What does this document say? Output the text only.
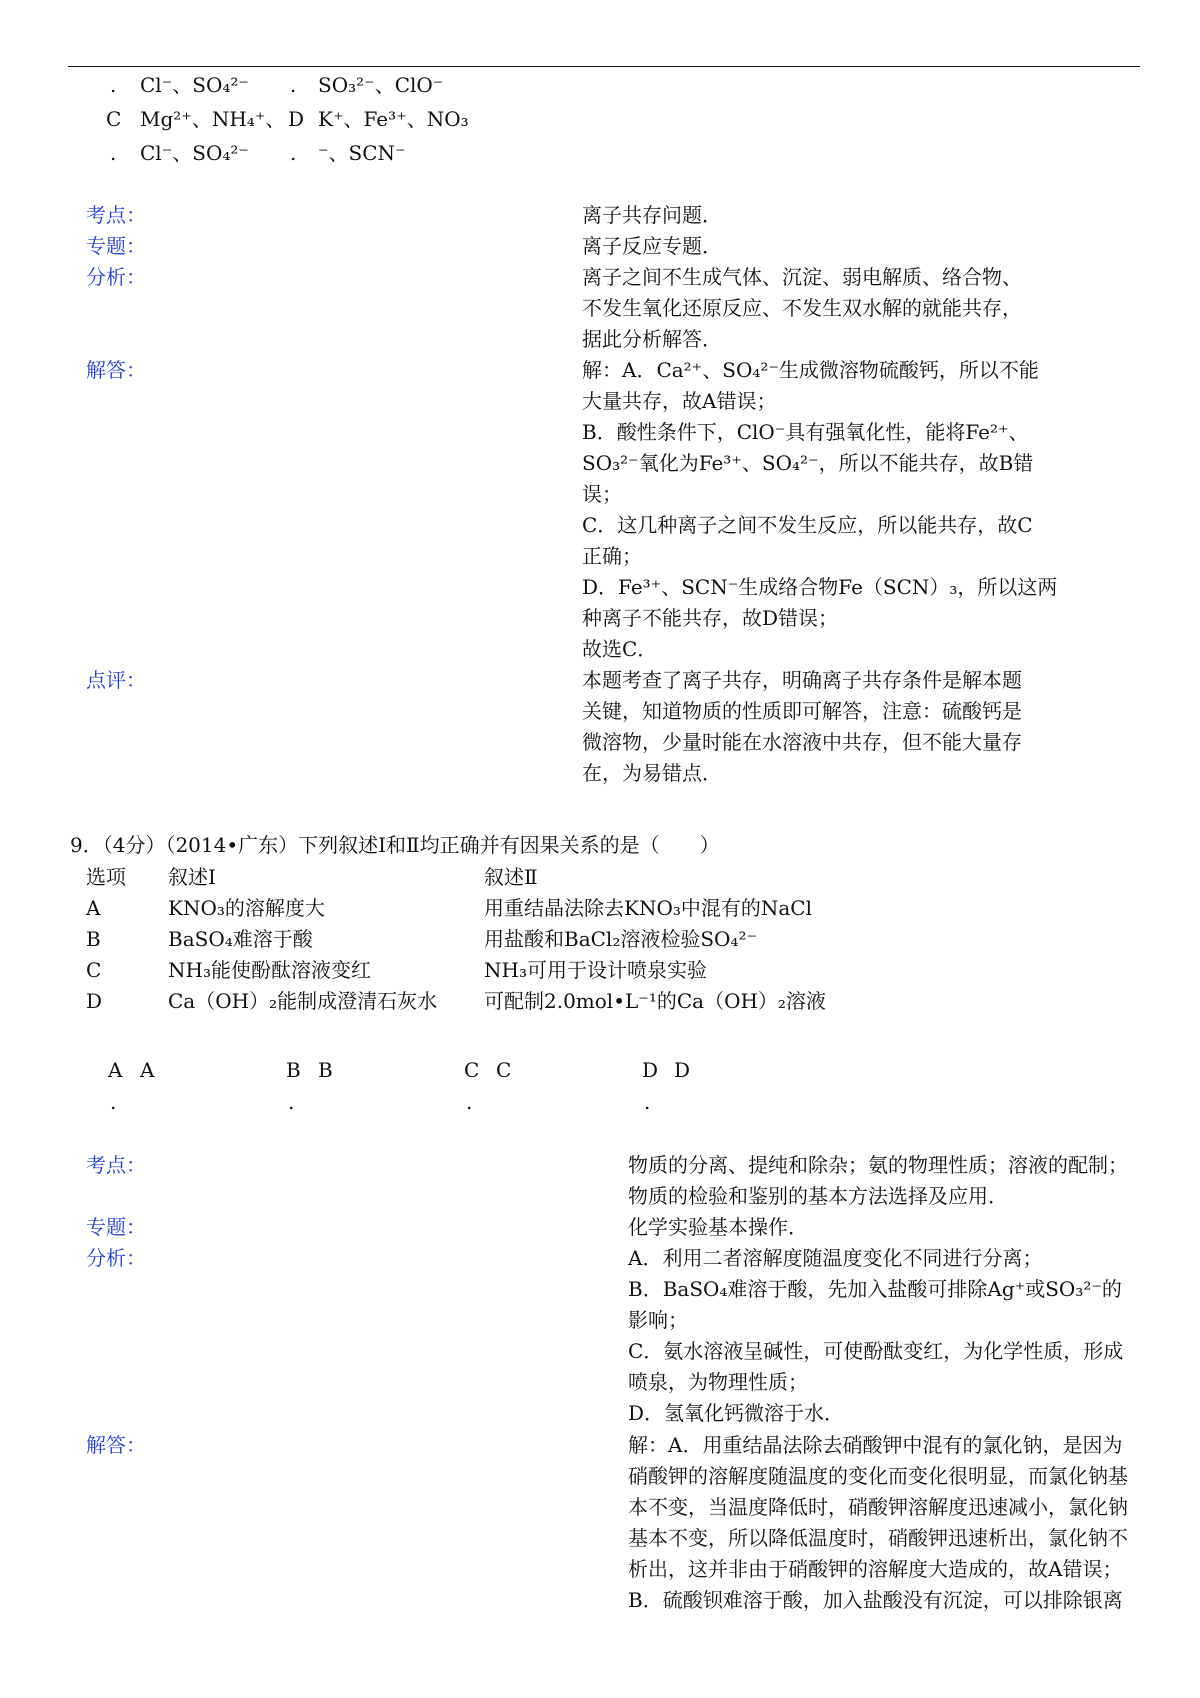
. Cl⁻、SO₄²⁻ . SO₃²⁻、ClO⁻
C Mg²⁺、NH₄⁺、 D K⁺、Fe³⁺、NO₃
. Cl⁻、SO₄²⁻ . ⁻、SCN⁻
考点：	离子共存问题．
专题：	离子反应专题．
分析：	离子之间不生成气体、沉淀、弱电解质、络合物、
不发生氧化还原反应、不发生双水解的就能共存，
据此分析解答．
解答：	解：A．Ca²⁺、SO₄²⁻生成微溶物硫酸钙，所以不能
大量共存，故A错误；
B．酸性条件下，ClO⁻具有强氧化性，能将Fe²⁺、
SO₃²⁻氧化为Fe³⁺、SO₄²⁻，所以不能共存，故B错
误；
C．这几种离子之间不发生反应，所以能共存，故C
正确；
D．Fe³⁺、SCN⁻生成络合物Fe（SCN）₃，所以这两
种离子不能共存，故D错误；
故选C．
点评：	本题考查了离子共存，明确离子共存条件是解本题
关键，知道物质的性质即可解答，注意：硫酸钙是
微溶物，少量时能在水溶液中共存，但不能大量存
在，为易错点．
9．（4分）（2014•广东）下列叙述Ⅰ和Ⅱ均正确并有因果关系的是（　　）
选项 叙述Ⅰ	叙述Ⅱ
A	KNO₃的溶解度大	用重结晶法除去KNO₃中混有的NaCl
B	BaSO₄难溶于酸	用盐酸和BaCl₂溶液检验SO₄²⁻
C	NH₃能使酚酞溶液变红	NH₃可用于设计喷泉实验
D	Ca（OH）₂能制成澄清石灰水 可配制2.0mol•L⁻¹的Ca（OH）₂溶液
A A
.
B B
.
C C
.
D D
.
考点：	物质的分离、提纯和除杂；氨的物理性质；溶液的配制；
物质的检验和鉴别的基本方法选择及应用．
专题：	化学实验基本操作．
分析：	A．利用二者溶解度随温度变化不同进行分离；
B．BaSO₄难溶于酸，先加入盐酸可排除Ag⁺或SO₃²⁻的
影响；
C．氨水溶液呈碱性，可使酚酞变红，为化学性质，形成
喷泉，为物理性质；
D．氢氧化钙微溶于水．
解答：	解：A．用重结晶法除去硝酸钾中混有的氯化钠，是因为
硝酸钾的溶解度随温度的变化而变化很明显，而氯化钠基
本不变，当温度降低时，硝酸钾溶解度迅速减小，氯化钠
基本不变，所以降低温度时，硝酸钾迅速析出，氯化钠不
析出，这并非由于硝酸钾的溶解度大造成的，故A错误；
B．硫酸钡难溶于酸，加入盐酸没有沉淀，可以排除银离
